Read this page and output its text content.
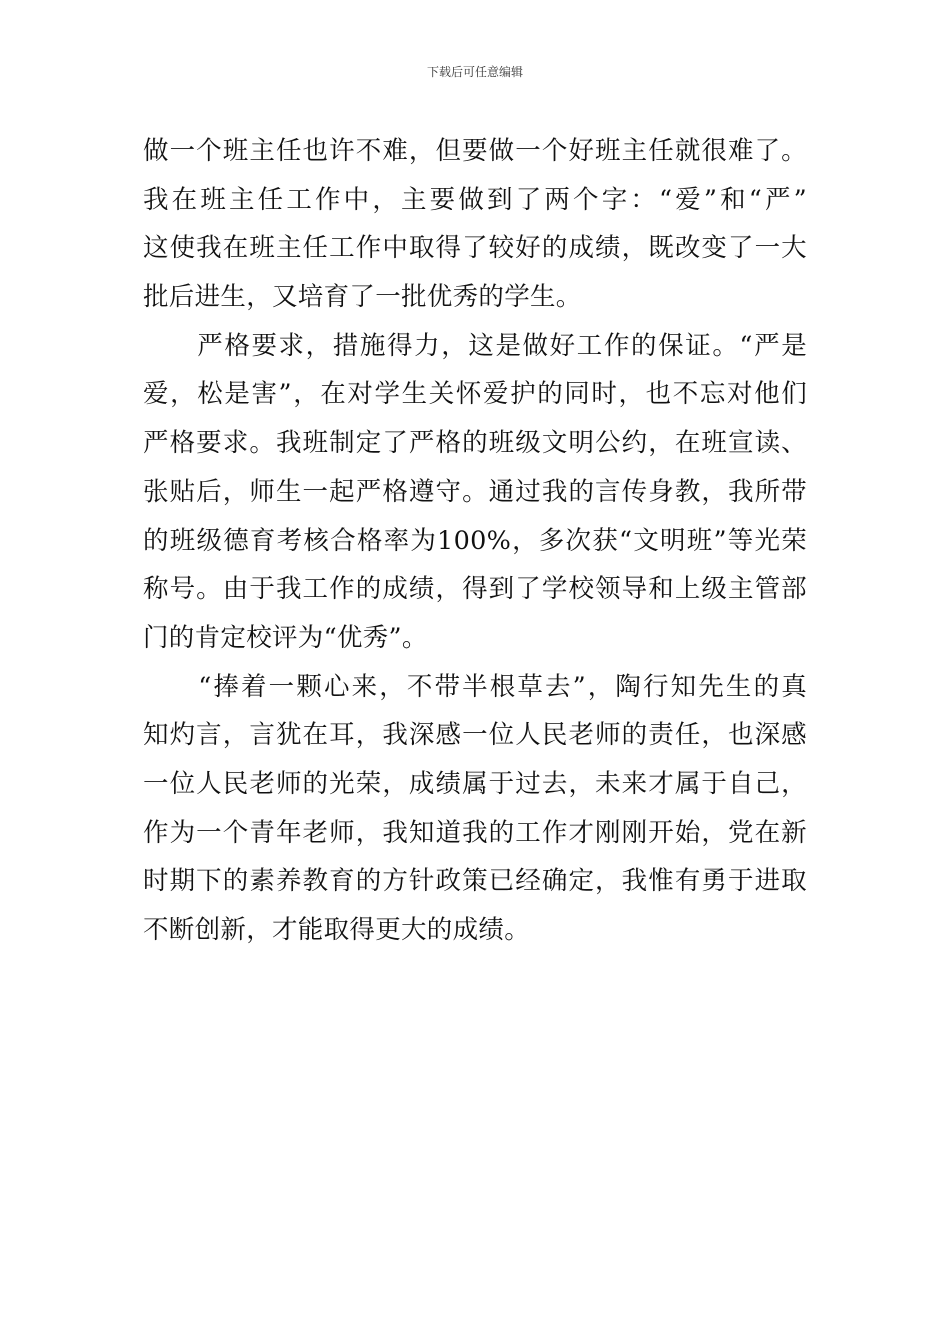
下载后可任意编辑
做一个班主任也许不难，但要做一个好班主任就很难了。
我在班主任工作中，主要做到了两个字：“爱”和“严”
这使我在班主任工作中取得了较好的成绩，既改变了一大
批后进生，又培育了一批优秀的学生。
　　严格要求，措施得力，这是做好工作的保证。“严是
爱，松是害”，在对学生关怀爱护的同时，也不忘对他们
严格要求。我班制定了严格的班级文明公约，在班宣读、
张贴后，师生一起严格遵守。通过我的言传身教，我所带
的班级德育考核合格率为100%，多次获“文明班”等光荣
称号。由于我工作的成绩，得到了学校领导和上级主管部
门的肯定校评为“优秀”。
　　“捧着一颗心来，不带半根草去”，陶行知先生的真
知灼言，言犹在耳，我深感一位人民老师的责任，也深感
一位人民老师的光荣，成绩属于过去，未来才属于自己，
作为一个青年老师，我知道我的工作才刚刚开始，党在新
时期下的素养教育的方针政策已经确定，我惟有勇于进取
不断创新，才能取得更大的成绩。
